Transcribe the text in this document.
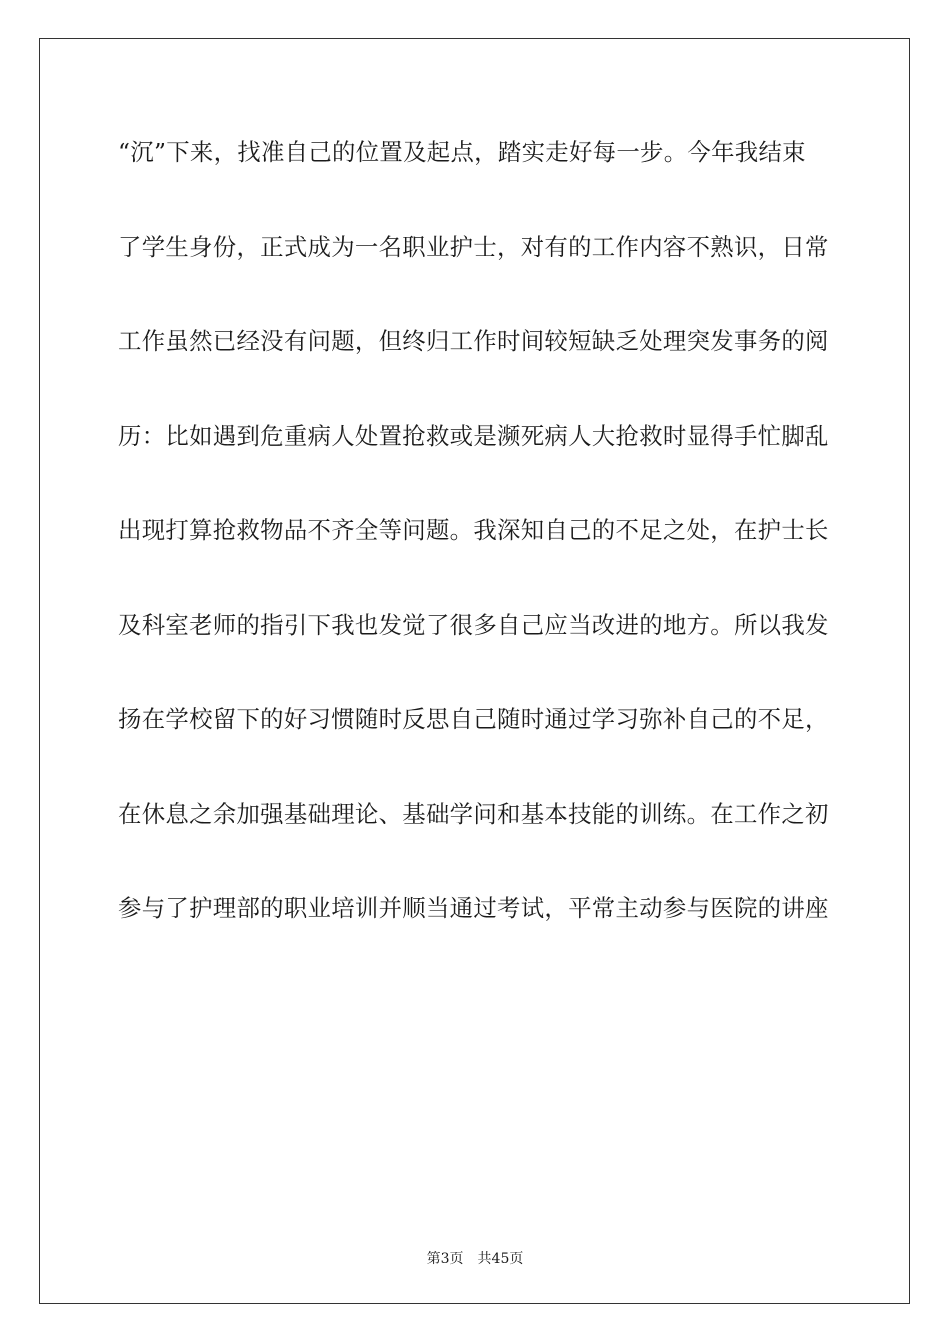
“沉”下来，找准自己的位置及起点，踏实走好每一步。今年我结束
了学生身份，正式成为一名职业护士，对有的工作内容不熟识，日常
工作虽然已经没有问题，但终归工作时间较短缺乏处理突发事务的阅
历：比如遇到危重病人处置抢救或是濒死病人大抢救时显得手忙脚乱
出现打算抢救物品不齐全等问题。我深知自己的不足之处，在护士长
及科室老师的指引下我也发觉了很多自己应当改进的地方。所以我发
扬在学校留下的好习惯随时反思自己随时通过学习弥补自己的不足，
在休息之余加强基础理论、基础学问和基本技能的训练。在工作之初
参与了护理部的职业培训并顺当通过考试，平常主动参与医院的讲座
第3页 共45页
